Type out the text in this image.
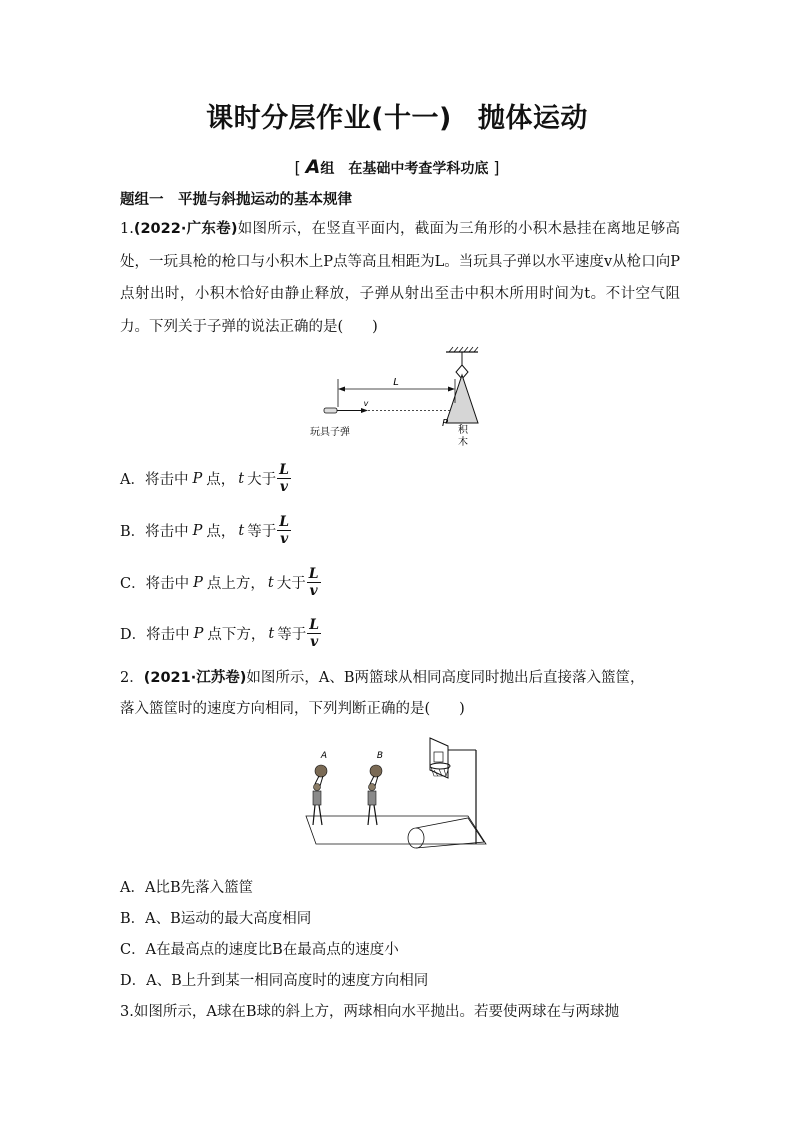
课时分层作业(十一) 抛体运动
[ A组　在基础中考查学科功底 ]
题组一　平抛与斜抛运动的基本规律
1.(2022·广东卷)如图所示，在竖直平面内，截面为三角形的小积木悬挂在离地足够高处，一玩具枪的枪口与小积木上P点等高且相距为L。当玩具子弹以水平速度v从枪口向P点射出时，小积木恰好由静止释放，子弹从射出至击中积木所用时间为t。不计空气阻力。下列关于子弹的说法正确的是(　　)
L
v
P
积
木
玩具子弹
A．将击中 P 点， t 大于 $\frac{L}{v}$
B．将击中 P 点， t 等于 $\frac{L}{v}$
C．将击中 P 点上方， t 大于 $\frac{L}{v}$
D．将击中 P 点下方， t 等于 $\frac{L}{v}$
2．(2021·江苏卷)如图所示，A、B两篮球从相同高度同时抛出后直接落入篮筐，
落入篮筐时的速度方向相同，下列判断正确的是(　　)
A	B
A．A比B先落入篮筐
B．A、B运动的最大高度相同
C．A在最高点的速度比B在最高点的速度小
D．A、B上升到某一相同高度时的速度方向相同
3.如图所示，A球在B球的斜上方，两球相向水平抛出。若要使两球在与两球抛
